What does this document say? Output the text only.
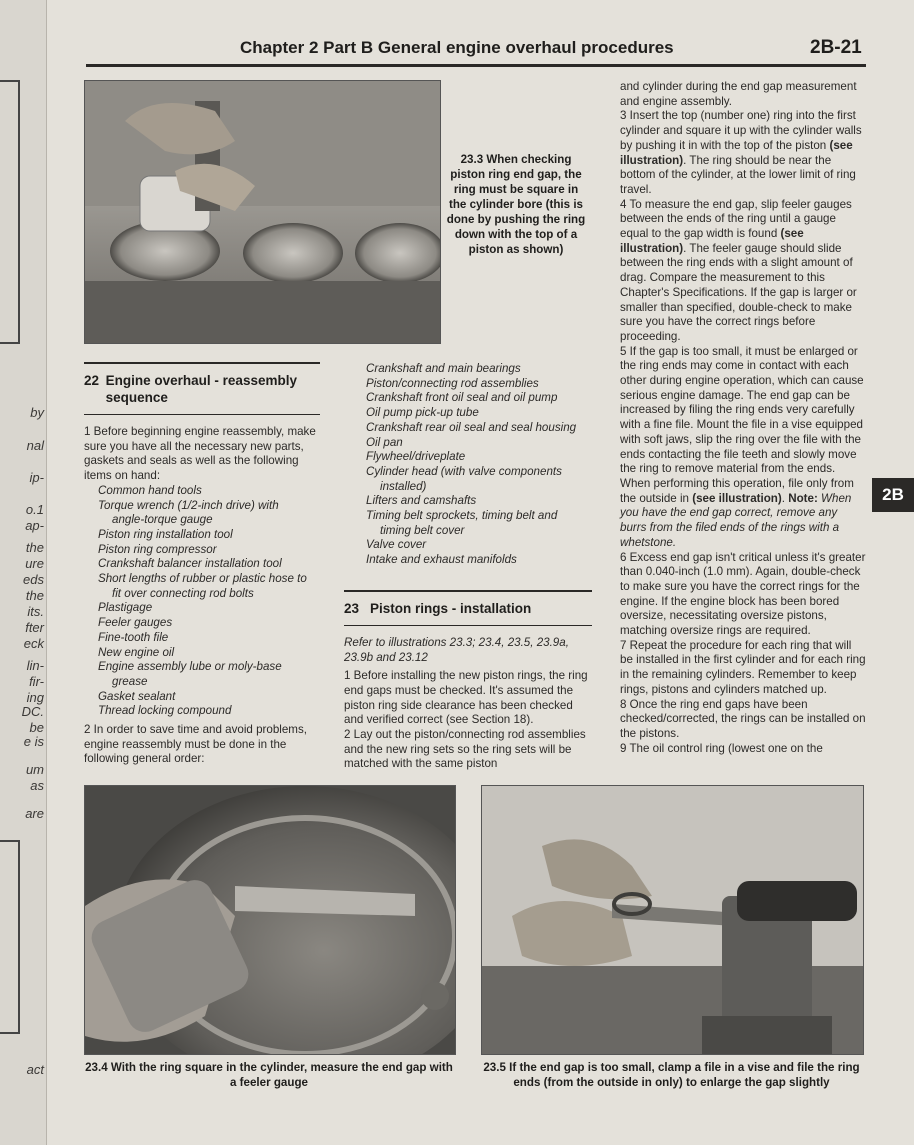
by
nal
ip-
o.1
ap-
the
ure
eds
the
its.
fter
eck
lin-
fir-
ing
DC.
be
e is
um
as
are
act
Chapter 2 Part B General engine overhaul procedures	2B-21
23.3 When checking piston ring end gap, the ring must be square in the cylinder bore (this is done by pushing the ring down with the top of a piston as shown)
22 Engine overhaul - reassembly sequence

1 Before beginning engine reassembly, make sure you have all the necessary new parts, gaskets and seals as well as the following items on hand:

Common hand tools

Torque wrench (1/2-inch drive) with

angle-torque gauge

Piston ring installation tool

Piston ring compressor

Crankshaft balancer installation tool

Short lengths of rubber or plastic hose to

fit over connecting rod bolts

Plastigage

Feeler gauges

Fine-tooth file

New engine oil

Engine assembly lube or moly-base

grease

Gasket sealant

Thread locking compound

2 In order to save time and avoid problems, engine reassembly must be done in the following general order:

Crankshaft and main bearings

Piston/connecting rod assemblies

Crankshaft front oil seal and oil pump

Oil pump pick-up tube

Crankshaft rear oil seal and seal housing

Oil pan

Flywheel/driveplate

Cylinder head (with valve components

installed)

Lifters and camshafts

Timing belt sprockets, timing belt and

timing belt cover

Valve cover

Intake and exhaust manifolds

23 Piston rings - installation

Refer to illustrations 23.3; 23.4, 23.5, 23.9a, 23.9b and 23.12

1 Before installing the new piston rings, the ring end gaps must be checked. It's assumed the piston ring side clearance has been checked and verified correct (see Section 18).

2 Lay out the piston/connecting rod assemblies and the new ring sets so the ring sets will be matched with the same piston

and cylinder during the end gap measurement and engine assembly.

3 Insert the top (number one) ring into the first cylinder and square it up with the cylinder walls by pushing it in with the top of the piston (see illustration). The ring should be near the bottom of the cylinder, at the lower limit of ring travel.

4 To measure the end gap, slip feeler gauges between the ends of the ring until a gauge equal to the gap width is found (see illustration). The feeler gauge should slide between the ring ends with a slight amount of drag. Compare the measurement to this Chapter's Specifications. If the gap is larger or smaller than specified, double-check to make sure you have the correct rings before proceeding.

5 If the gap is too small, it must be enlarged or the ring ends may come in contact with each other during engine operation, which can cause serious engine damage. The end gap can be increased by filing the ring ends very carefully with a fine file. Mount the file in a vise equipped with soft jaws, slip the ring over the file with the ends contacting the file teeth and slowly move the ring to remove material from the ends. When performing this operation, file only from the outside in (see illustration). Note: When you have the end gap correct, remove any burrs from the filed ends of the rings with a whetstone.

6 Excess end gap isn't critical unless it's greater than 0.040-inch (1.0 mm). Again, double-check to make sure you have the correct rings for the engine. If the engine block has been bored oversize, necessitating oversize pistons, matching oversize rings are required.

7 Repeat the procedure for each ring that will be installed in the first cylinder and for each ring in the remaining cylinders. Remember to keep rings, pistons and cylinders matched up.

8 Once the ring end gaps have been checked/corrected, the rings can be installed on the pistons.

9 The oil control ring (lowest one on the

2B
23.4 With the ring square in the cylinder, measure the end gap with a feeler gauge
23.5 If the end gap is too small, clamp a file in a vise and file the ring ends (from the outside in only) to enlarge the gap slightly
